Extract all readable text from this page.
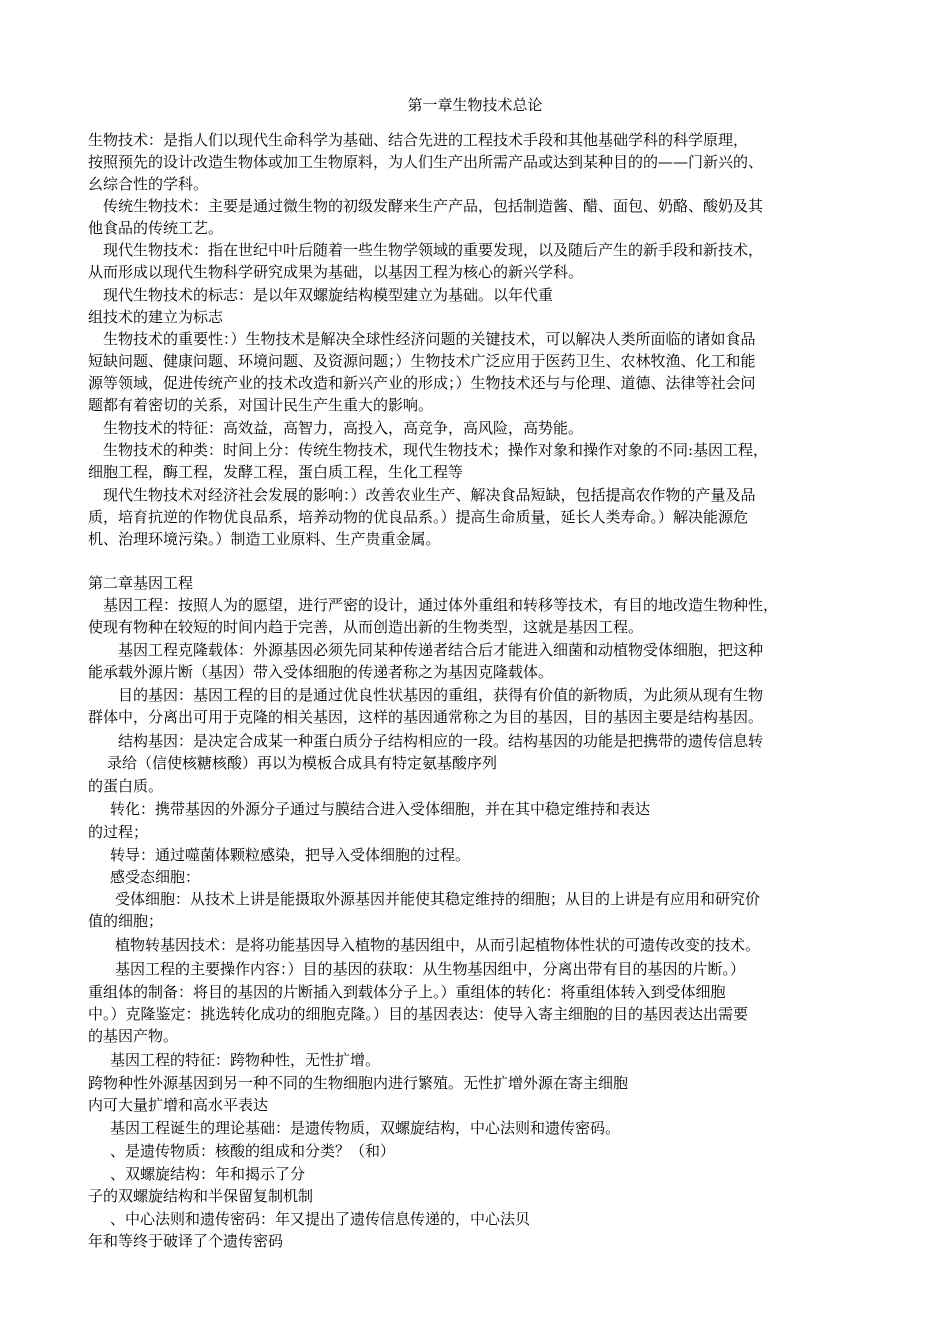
第一章生物技术总论
生物技术：是指人们以现代生命科学为基础、结合先进的工程技术手段和其他基础学科的科学原理，
按照预先的设计改造生物体或加工生物原料，为人们生产出所需产品或达到某种目的的——门新兴的、
幺综合性的学科。
传统生物技术：主要是通过微生物的初级发酵来生产产品，包括制造酱、醋、面包、奶酪、酸奶及其
他食品的传统工艺。
现代生物技术：指在世纪中叶后随着一些生物学领域的重要发现，以及随后产生的新手段和新技术，
从而形成以现代生物科学研究成果为基础，以基因工程为核心的新兴学科。
现代生物技术的标志：是以年双螺旋结构模型建立为基础。以年代重
组技术的建立为标志
生物技术的重要性：）生物技术是解决全球性经济问题的关键技术，可以解决人类所面临的诸如食品
短缺问题、健康问题、环境问题、及资源问题；）生物技术广泛应用于医药卫生、农林牧渔、化工和能
源等领域，促进传统产业的技术改造和新兴产业的形成；）生物技术还与与伦理、道德、法律等社会问
题都有着密切的关系，对国计民生产生重大的影响。
生物技术的特征：高效益，高智力，高投入，高竞争，高风险，高势能。
生物技术的种类：时间上分：传统生物技术，现代生物技术；操作对象和操作对象的不同:基因工程，
细胞工程，酶工程，发酵工程，蛋白质工程，生化工程等
现代生物技术对经济社会发展的影响：）改善农业生产、解决食品短缺，包括提高农作物的产量及品
质，培育抗逆的作物优良品系，培养动物的优良品系。）提高生命质量，延长人类寿命。）解决能源危
机、治理环境污染。）制造工业原料、生产贵重金属。
第二章基因工程
基因工程：按照人为的愿望，进行严密的设计，通过体外重组和转移等技术，有目的地改造生物种性，
使现有物种在较短的时间内趋于完善，从而创造出新的生物类型，这就是基因工程。
基因工程克隆载体：外源基因必须先同某种传递者结合后才能进入细菌和动植物受体细胞，把这种
能承载外源片断（基因）带入受体细胞的传递者称之为基因克隆载体。
目的基因：基因工程的目的是通过优良性状基因的重组，获得有价值的新物质，为此须从现有生物
群体中，分离出可用于克隆的相关基因，这样的基因通常称之为目的基因，目的基因主要是结构基因。
结构基因：是决定合成某一种蛋白质分子结构相应的一段。结构基因的功能是把携带的遗传信息转
录给（信使核糖核酸）再以为模板合成具有特定氨基酸序列
的蛋白质。
转化：携带基因的外源分子通过与膜结合进入受体细胞，并在其中稳定维持和表达
的过程；
转导：通过噬菌体颗粒感染，把导入受体细胞的过程。
感受态细胞：
受体细胞：从技术上讲是能摄取外源基因并能使其稳定维持的细胞；从目的上讲是有应用和研究价
值的细胞；
植物转基因技术：是将功能基因导入植物的基因组中，从而引起植物体性状的可遗传改变的技术。
基因工程的主要操作内容：）目的基因的获取：从生物基因组中，分离出带有目的基因的片断。）
重组体的制备：将目的基因的片断插入到载体分子上。）重组体的转化：将重组体转入到受体细胞
中。）克隆鉴定：挑选转化成功的细胞克隆。）目的基因表达：使导入寄主细胞的目的基因表达出需要
的基因产物。
基因工程的特征：跨物种性，无性扩增。
跨物种性外源基因到另一种不同的生物细胞内进行繁殖。无性扩增外源在寄主细胞
内可大量扩增和高水平表达
基因工程诞生的理论基础：是遗传物质，双螺旋结构，中心法则和遗传密码。
、是遗传物质：核酸的组成和分类？（和）
、双螺旋结构：年和揭示了分
子的双螺旋结构和半保留复制机制
、中心法则和遗传密码：年又提出了遗传信息传递的，中心法贝
年和等终于破译了个遗传密码
